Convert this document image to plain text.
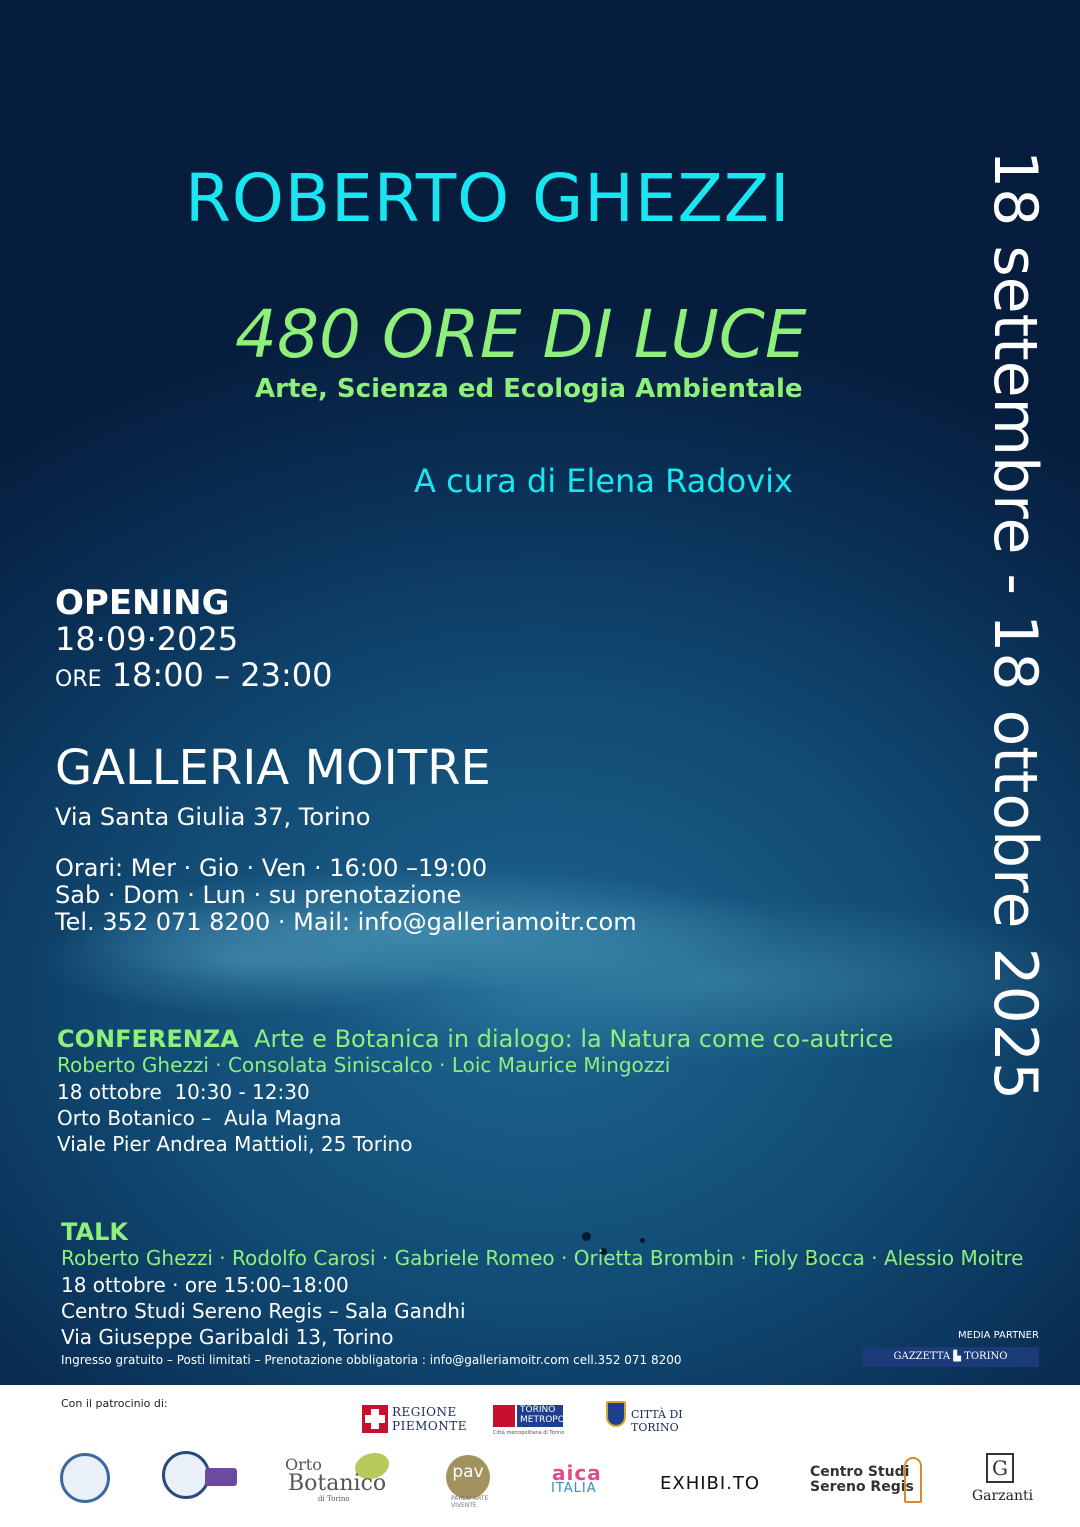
ROBERTO GHEZZI
480 ORE DI LUCE
Arte, Scienza ed Ecologia Ambientale
A cura di Elena Radovix	18 settembre - 18 ottobre 2025
OPENING
18·09·2025
ORE 18:00 – 23:00
GALLERIA MOITRE
Via Santa Giulia 37, Torino
Orari: Mer · Gio · Ven · 16:00 –19:00
Sab · Dom · Lun · su prenotazione
Tel. 352 071 8200 · Mail: info@galleriamoitr.com
CONFERENZA Arte e Botanica in dialogo: la Natura come co-autrice
Roberto Ghezzi · Consolata Siniscalco · Loic Maurice Mingozzi
18 ottobre  10:30 - 12:30
Orto Botanico –  Aula Magna
Viale Pier Andrea Mattioli, 25 Torino
TALK
Roberto Ghezzi · Rodolfo Carosi · Gabriele Romeo · Orietta Brombin · Fioly Bocca · Alessio Moitre
18 ottobre · ore 15:00–18:00
Centro Studi Sereno Regis – Sala Gandhi
Via Giuseppe Garibaldi 13, Torino
Ingresso gratuito – Posti limitati – Prenotazione obbligatoria : info@galleriamoitr.com cell.352 071 8200
MEDIA PARTNER
GAZZETTA ▙ TORINO
Con il patrocinio di:
REGIONE
PIEMONTE
TORINO
METROPOLI
Città metropolitana di Torino
CITTÀ DI TORINO
Orto
Botanico
di Torino
pav
PARCO ARTE
VIVENTE
aica
ITALIA	EXHIBI.TO
Centro Studi
Sereno Regis
G
Garzanti
